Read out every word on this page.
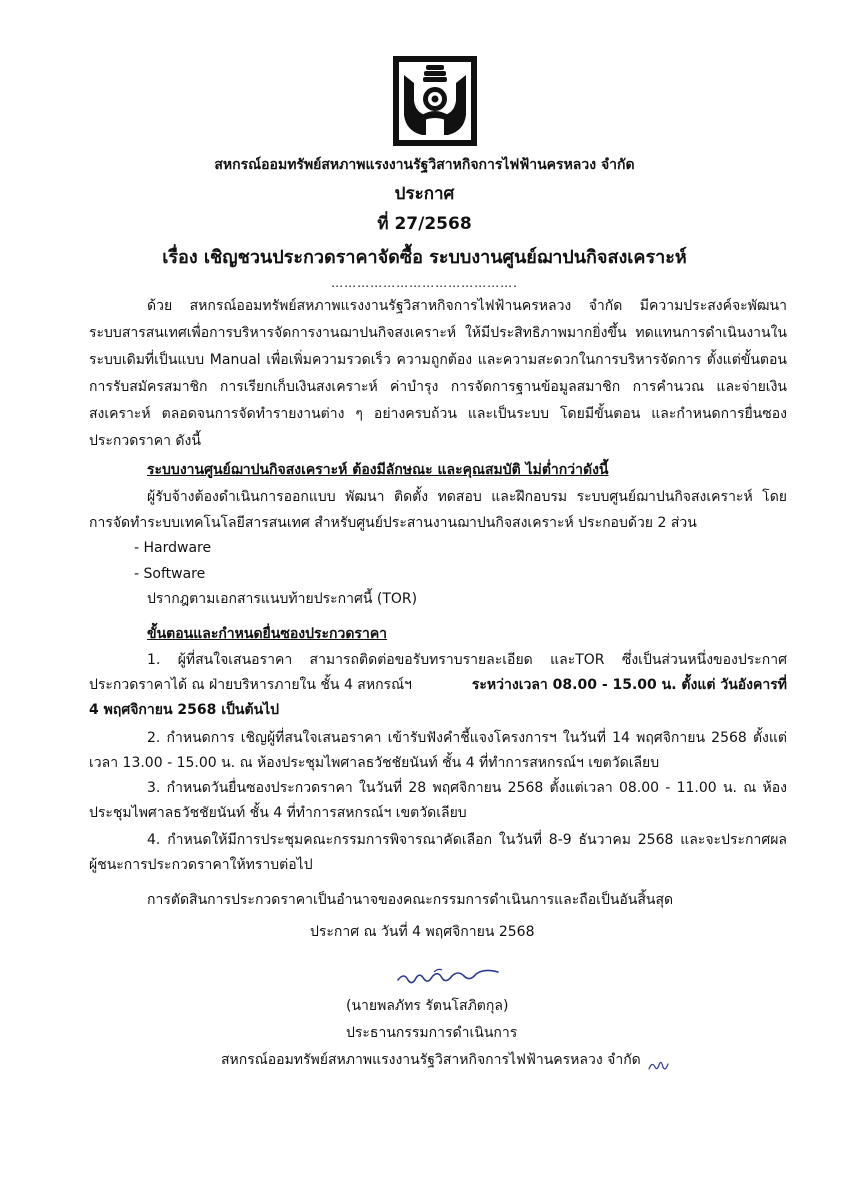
สหกรณ์ออมทรัพย์สหภาพแรงงานรัฐวิสาหกิจการไฟฟ้านครหลวง จำกัด
ประกาศ
ที่ 27/2568
เรื่อง เชิญชวนประกวดราคาจัดซื้อ ระบบงานศูนย์ฌาปนกิจสงเคราะห์
…………………………………….
ด้วย สหกรณ์ออมทรัพย์สหภาพแรงงานรัฐวิสาหกิจการไฟฟ้านครหลวง จำกัด มีความประสงค์จะพัฒนา
ระบบสารสนเทศเพื่อการบริหารจัดการงานฌาปนกิจสงเคราะห์ ให้มีประสิทธิภาพมากยิ่งขึ้น ทดแทนการดำเนินงานใน
ระบบเดิมที่เป็นแบบ Manual เพื่อเพิ่มความรวดเร็ว ความถูกต้อง และความสะดวกในการบริหารจัดการ ตั้งแต่ขั้นตอน
การรับสมัครสมาชิก การเรียกเก็บเงินสงเคราะห์ ค่าบำรุง การจัดการฐานข้อมูลสมาชิก การคำนวณ และจ่ายเงิน
สงเคราะห์ ตลอดจนการจัดทำรายงานต่าง ๆ อย่างครบถ้วน และเป็นระบบ โดยมีขั้นตอน และกำหนดการยื่นซอง
ประกวดราคา ดังนี้
ระบบงานศูนย์ฌาปนกิจสงเคราะห์ ต้องมีลักษณะ และคุณสมบัติ ไม่ต่ำกว่าดังนี้
ผู้รับจ้างต้องดำเนินการออกแบบ พัฒนา ติดตั้ง ทดสอบ และฝึกอบรม ระบบศูนย์ฌาปนกิจสงเคราะห์ โดย
การจัดทำระบบเทคโนโลยีสารสนเทศ สำหรับศูนย์ประสานงานฌาปนกิจสงเคราะห์ ประกอบด้วย 2 ส่วน
- Hardware
- Software
ปรากฎตามเอกสารแนบท้ายประกาศนี้ (TOR)
ขั้นตอนและกำหนดยื่นซองประกวดราคา
1. ผู้ที่สนใจเสนอราคา สามารถติดต่อขอรับทราบรายละเอียด และTOR ซึ่งเป็นส่วนหนึ่งของประกาศ
ประกวดราคาได้ ณ ฝ่ายบริหารภายใน ชั้น 4 สหกรณ์ฯ	ระหว่างเวลา 08.00 - 15.00 น. ตั้งแต่ วันอังคารที่
4 พฤศจิกายน 2568 เป็นต้นไป
2. กำหนดการ เชิญผู้ที่สนใจเสนอราคา เข้ารับฟังคำชี้แจงโครงการฯ ในวันที่ 14 พฤศจิกายน 2568 ตั้งแต่
เวลา 13.00 - 15.00 น. ณ ห้องประชุมไพศาลธวัชชัยนันท์ ชั้น 4 ที่ทำการสหกรณ์ฯ เขตวัดเลียบ
3. กำหนดวันยื่นซองประกวดราคา ในวันที่ 28 พฤศจิกายน 2568 ตั้งแต่เวลา 08.00 - 11.00 น. ณ ห้อง
ประชุมไพศาลธวัชชัยนันท์ ชั้น 4 ที่ทำการสหกรณ์ฯ เขตวัดเลียบ
4. กำหนดให้มีการประชุมคณะกรรมการพิจารณาคัดเลือก ในวันที่ 8-9 ธันวาคม 2568 และจะประกาศผล
ผู้ชนะการประกวดราคาให้ทราบต่อไป
การตัดสินการประกวดราคาเป็นอำนาจของคณะกรรมการดำเนินการและถือเป็นอันสิ้นสุด
ประกาศ ณ วันที่ 4 พฤศจิกายน 2568
(นายพลภัทร รัตนโสภิตกุล)
ประธานกรรมการดำเนินการ
สหกรณ์ออมทรัพย์สหภาพแรงงานรัฐวิสาหกิจการไฟฟ้านครหลวง จำกัด
